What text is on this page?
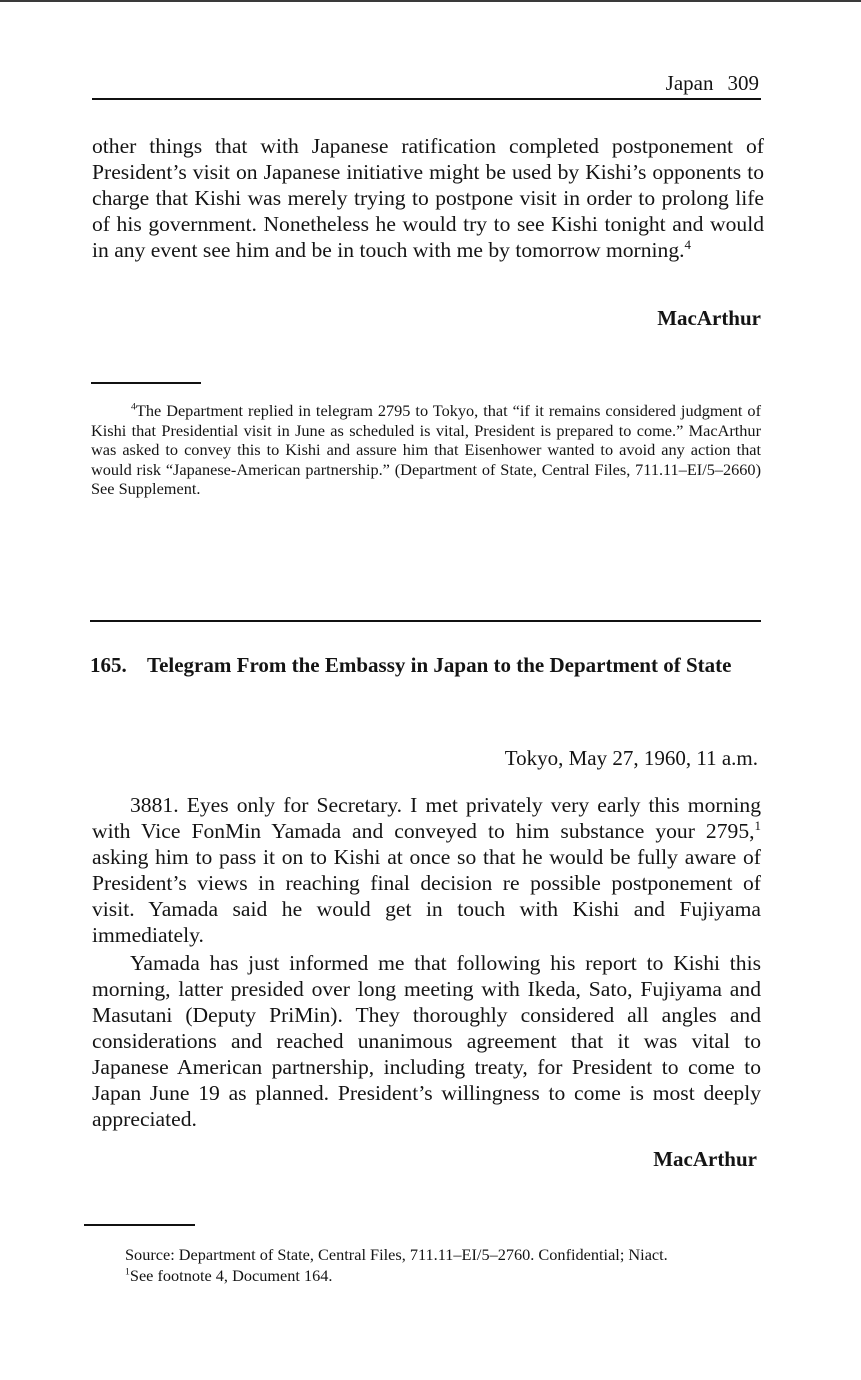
Japan 309

other things that with Japanese ratification completed postponement of President’s visit on Japanese initiative might be used by Kishi’s opponents to charge that Kishi was merely trying to postpone visit in order to prolong life of his government. Nonetheless he would try to see Kishi tonight and would in any event see him and be in touch with me by tomorrow morning.$^4$

MacArthur

$^4$The Department replied in telegram 2795 to Tokyo, that “if it remains considered judgment of Kishi that Presidential visit in June as scheduled is vital, President is prepared to come.” MacArthur was asked to convey this to Kishi and assure him that Eisenhower wanted to avoid any action that would risk “Japanese-American partnership.” (Department of State, Central Files, 711.11–EI/5–2660) See Supplement.

165. Telegram From the Embassy in Japan to the Department of State
Tokyo, May 27, 1960, 11 a.m.

3881. Eyes only for Secretary. I met privately very early this morning with Vice FonMin Yamada and conveyed to him substance your 2795,$^1$ asking him to pass it on to Kishi at once so that he would be fully aware of President’s views in reaching final decision re possible postponement of visit. Yamada said he would get in touch with Kishi and Fujiyama immediately.

Yamada has just informed me that following his report to Kishi this morning, latter presided over long meeting with Ikeda, Sato, Fujiyama and Masutani (Deputy PriMin). They thoroughly considered all angles and considerations and reached unanimous agreement that it was vital to Japanese American partnership, including treaty, for President to come to Japan June 19 as planned. President’s willingness to come is most deeply appreciated.

MacArthur

Source: Department of State, Central Files, 711.11–EI/5–2760. Confidential; Niact.

$^1$See footnote 4, Document 164.
